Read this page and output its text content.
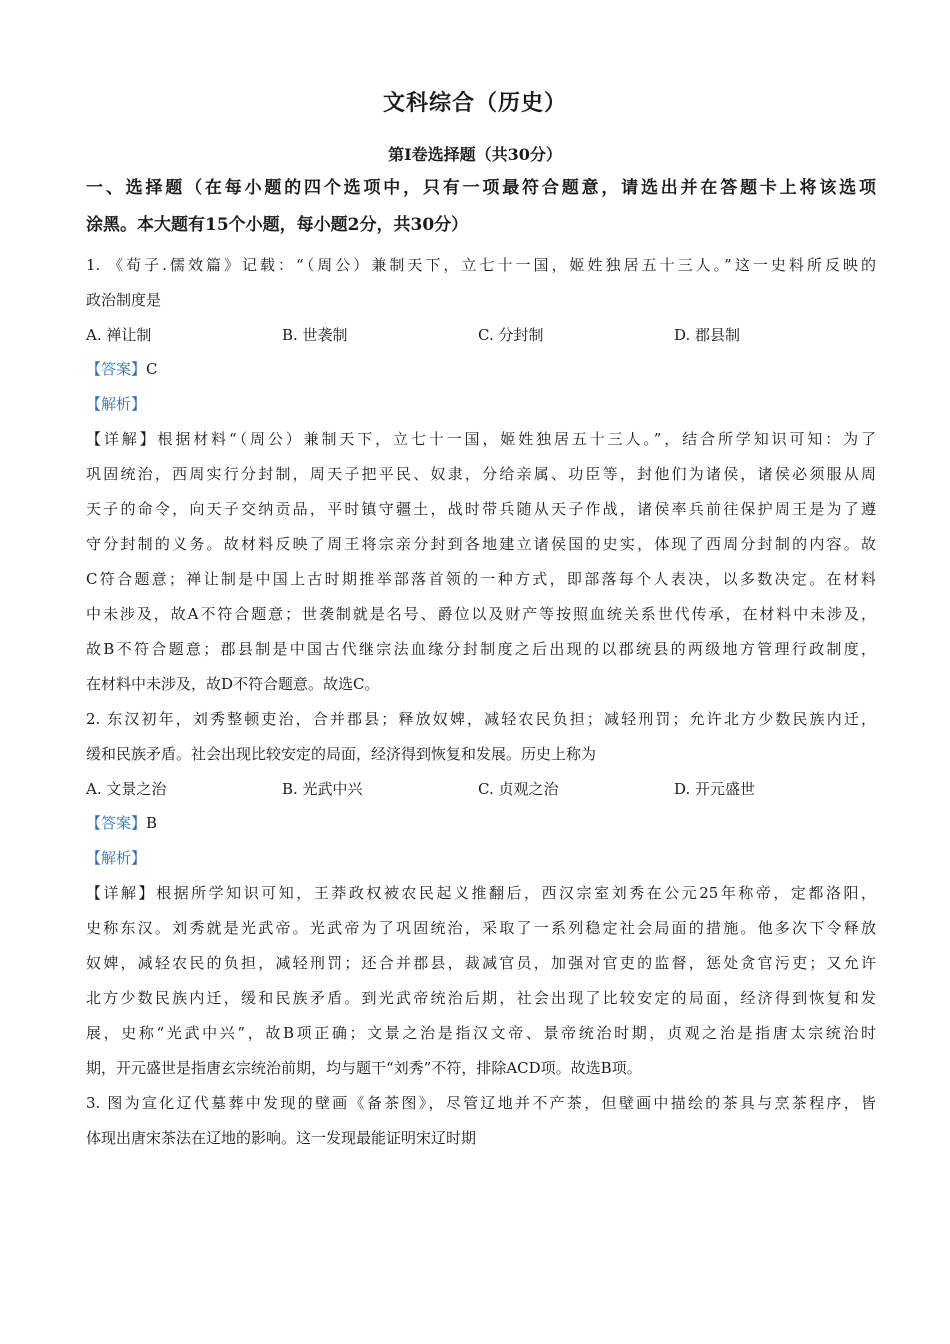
文科综合（历史）
第Ⅰ卷选择题（共30分）
一、选择题（在每小题的四个选项中，只有一项最符合题意，请选出并在答题卡上将该选项
涂黑。本大题有15个小题，每小题2分，共30分）
1. 《荀子.儒效篇》记载：“（周公）兼制天下，立七十一国，姬姓独居五十三人。”这一史料所反映的
政治制度是
A. 禅让制	B. 世袭制	C. 分封制	D. 郡县制
【答案】C
【解析】
【详解】根据材料“（周公）兼制天下，立七十一国，姬姓独居五十三人。”，结合所学知识可知：为了
巩固统治，西周实行分封制，周天子把平民、奴隶，分给亲属、功臣等，封他们为诸侯，诸侯必须服从周
天子的命令，向天子交纳贡品，平时镇守疆土，战时带兵随从天子作战，诸侯率兵前往保护周王是为了遵
守分封制的义务。故材料反映了周王将宗亲分封到各地建立诸侯国的史实，体现了西周分封制的内容。故
C符合题意；禅让制是中国上古时期推举部落首领的一种方式，即部落每个人表决，以多数决定。在材料
中未涉及，故A不符合题意；世袭制就是名号、爵位以及财产等按照血统关系世代传承，在材料中未涉及，
故B不符合题意；郡县制是中国古代继宗法血缘分封制度之后出现的以郡统县的两级地方管理行政制度，
在材料中未涉及，故D不符合题意。故选C。
2. 东汉初年，刘秀整顿吏治，合并郡县；释放奴婢，减轻农民负担；减轻刑罚；允许北方少数民族内迁，
缓和民族矛盾。社会出现比较安定的局面，经济得到恢复和发展。历史上称为
A. 文景之治	B. 光武中兴	C. 贞观之治	D. 开元盛世
【答案】B
【解析】
【详解】根据所学知识可知，王莽政权被农民起义推翻后，西汉宗室刘秀在公元25年称帝，定都洛阳，
史称东汉。刘秀就是光武帝。光武帝为了巩固统治，采取了一系列稳定社会局面的措施。他多次下令释放
奴婢，减轻农民的负担，减轻刑罚；还合并郡县，裁减官员，加强对官吏的监督，惩处贪官污吏；又允许
北方少数民族内迁，缓和民族矛盾。到光武帝统治后期，社会出现了比较安定的局面，经济得到恢复和发
展，史称“光武中兴”，故B项正确；文景之治是指汉文帝、景帝统治时期，贞观之治是指唐太宗统治时
期，开元盛世是指唐玄宗统治前期，均与题干“刘秀”不符，排除ACD项。故选B项。
3. 图为宣化辽代墓葬中发现的壁画《备茶图》，尽管辽地并不产茶，但壁画中描绘的茶具与烹茶程序，皆
体现出唐宋茶法在辽地的影响。这一发现最能证明宋辽时期
